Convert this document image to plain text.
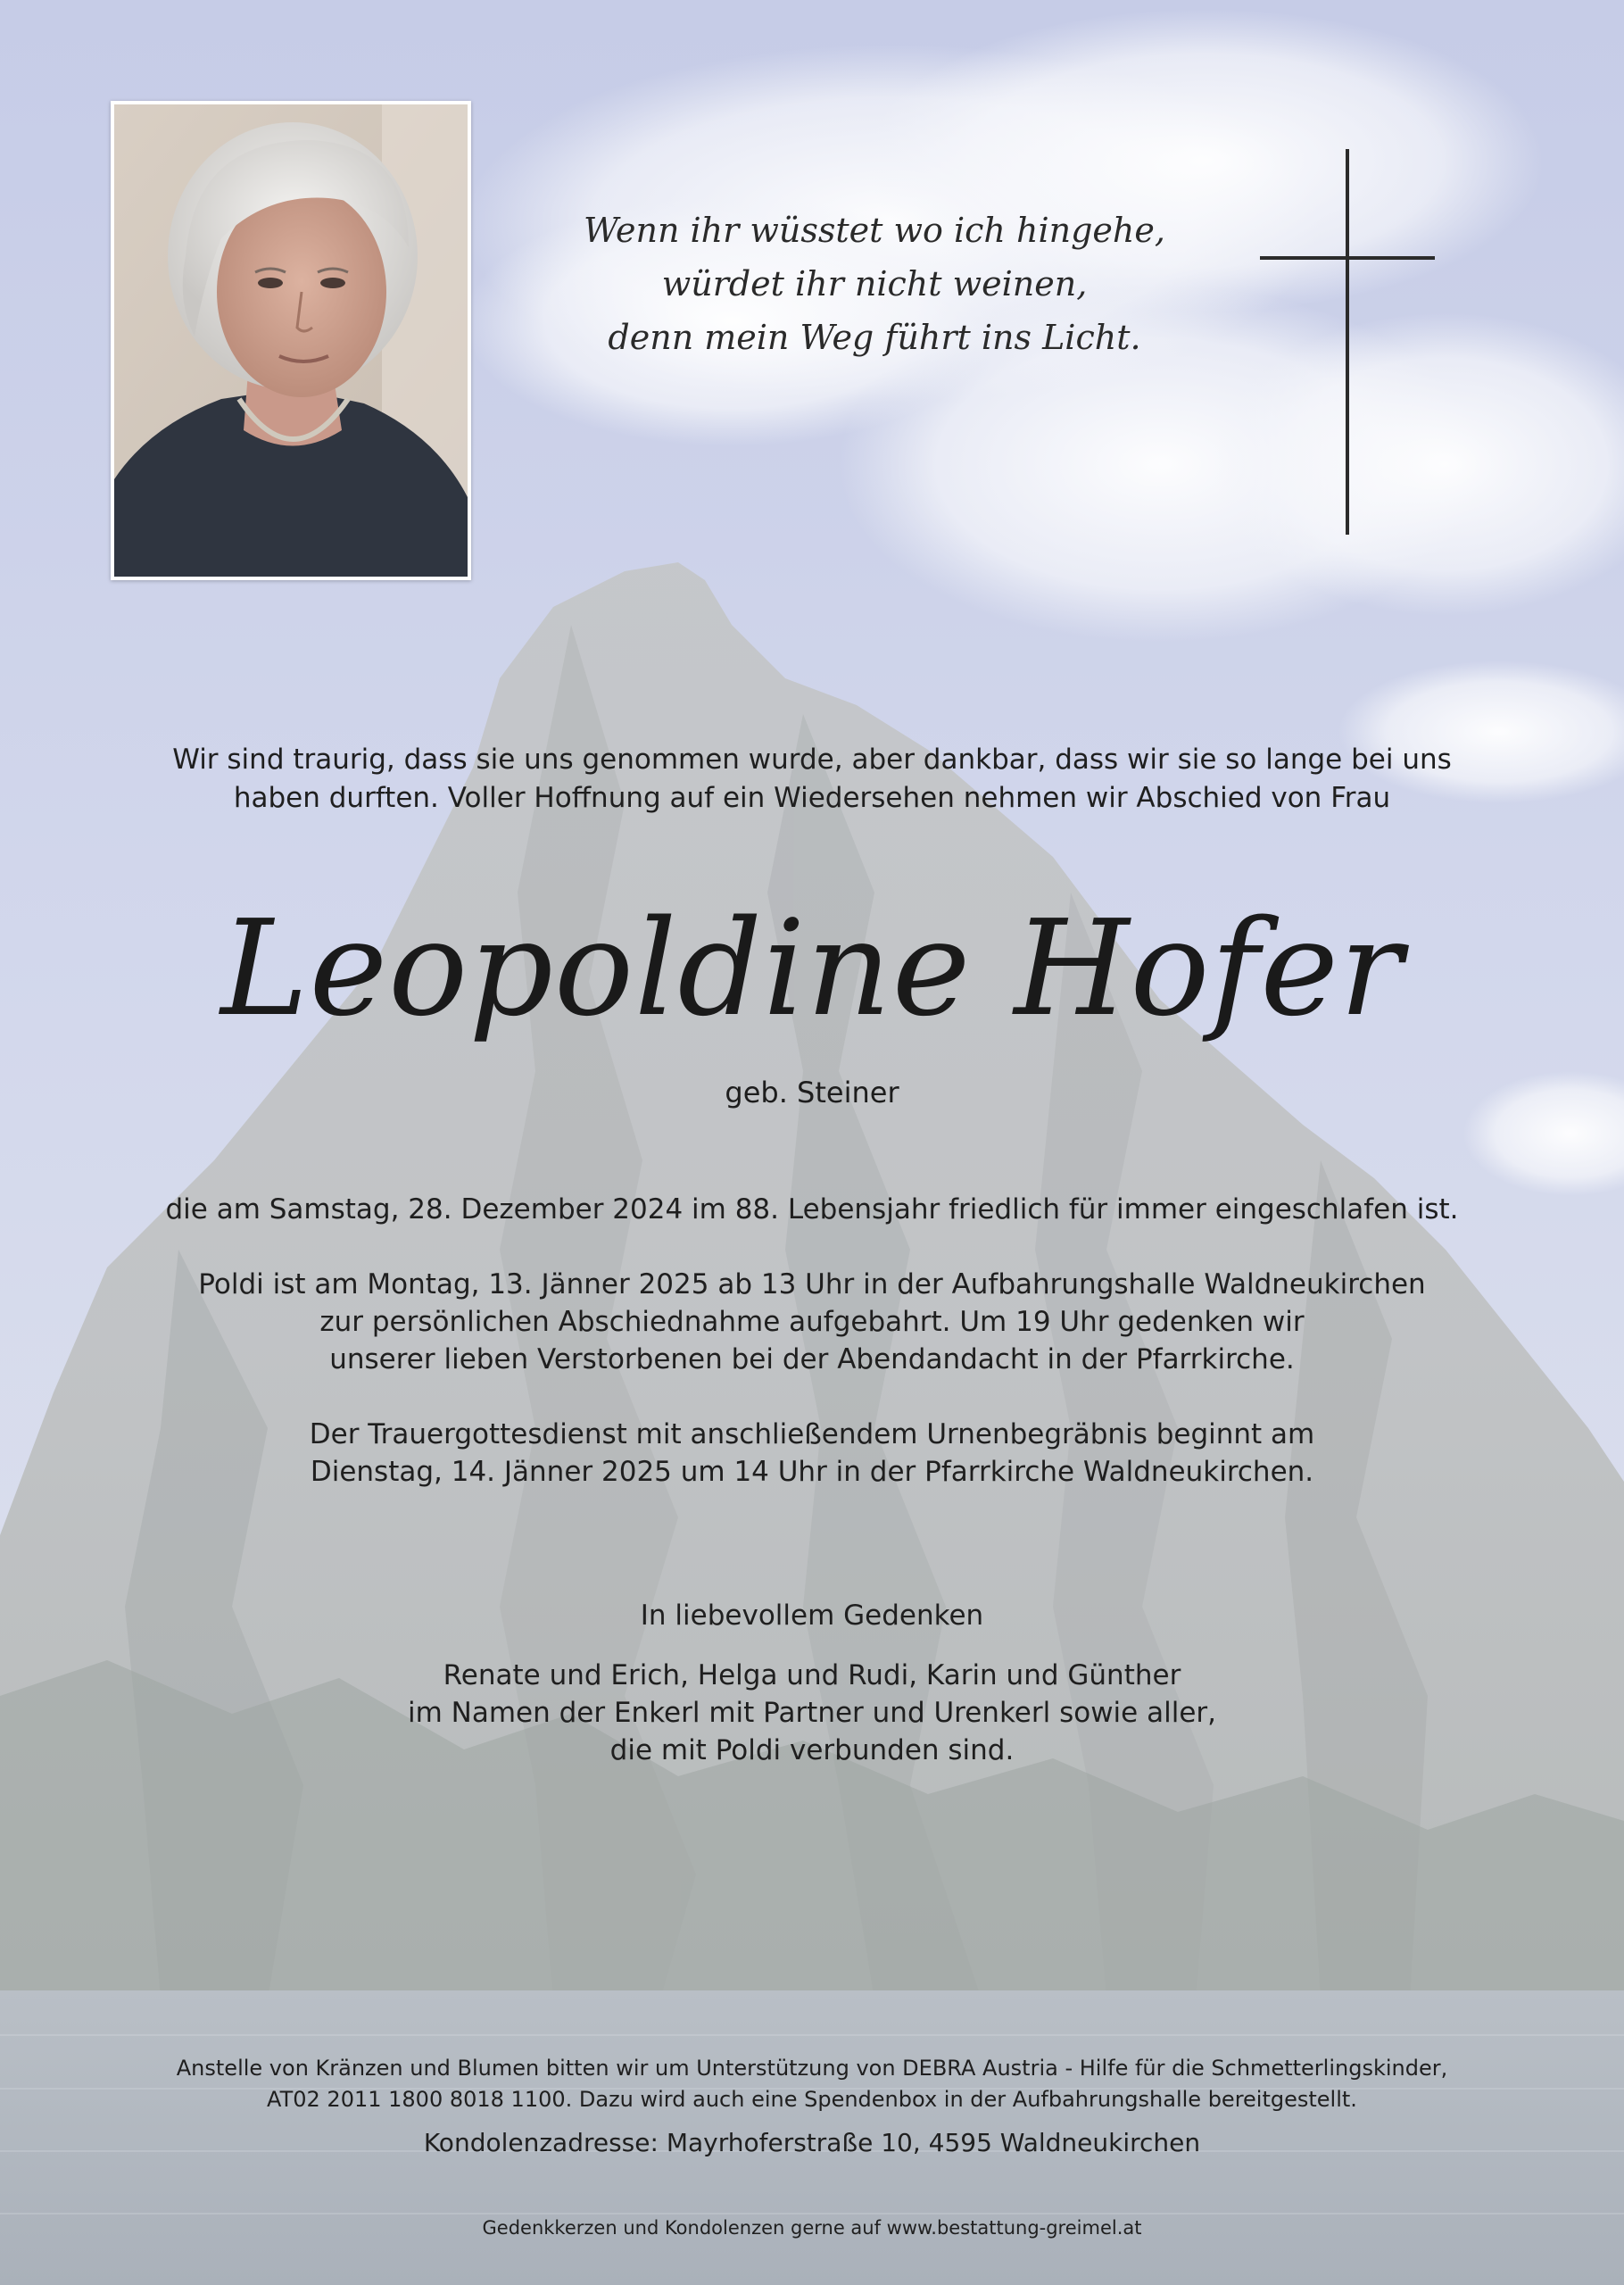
Wenn ihr wüsstet wo ich hingehe,
würdet ihr nicht weinen,
denn mein Weg führt ins Licht.
Wir sind traurig, dass sie uns genommen wurde, aber dankbar, dass wir sie so lange bei uns
haben durften. Voller Hoffnung auf ein Wiedersehen nehmen wir Abschied von Frau
Leopoldine Hofer
geb. Steiner
die am Samstag, 28. Dezember 2024 im 88. Lebensjahr friedlich für immer eingeschlafen ist.
Poldi ist am Montag, 13. Jänner 2025 ab 13 Uhr in der Aufbahrungshalle Waldneukirchen
zur persönlichen Abschiednahme aufgebahrt. Um 19 Uhr gedenken wir
unserer lieben Verstorbenen bei der Abendandacht in der Pfarrkirche.
Der Trauergottesdienst mit anschließendem Urnenbegräbnis beginnt am
Dienstag, 14. Jänner 2025 um 14 Uhr in der Pfarrkirche Waldneukirchen.
In liebevollem Gedenken
Renate und Erich, Helga und Rudi, Karin und Günther
im Namen der Enkerl mit Partner und Urenkerl sowie aller,
die mit Poldi verbunden sind.
Anstelle von Kränzen und Blumen bitten wir um Unterstützung von DEBRA Austria - Hilfe für die Schmetterlingskinder,
AT02 2011 1800 8018 1100. Dazu wird auch eine Spendenbox in der Aufbahrungshalle bereitgestellt.
Kondolenzadresse: Mayrhoferstraße 10, 4595 Waldneukirchen
Gedenkkerzen und Kondolenzen gerne auf www.bestattung-greimel.at
